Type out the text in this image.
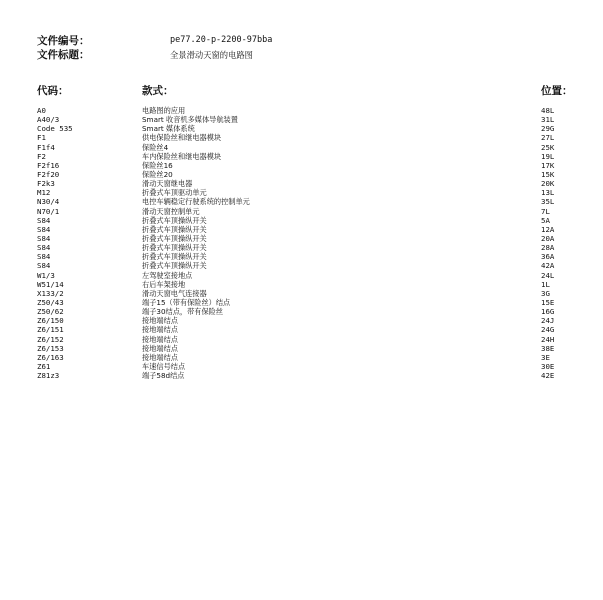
文件编号：	pe77.20-p-2200-97bba
文件标题：	全景滑动天窗的电路图
代码：	款式：	位置：
A0	电路图的应用	48L
A40/3	Smart 收音机多媒体导航装置	31L
Code 535	Smart 媒体系统	29G
F1	供电保险丝和继电器模块	27L
F1f4	保险丝4	25K
F2	车内保险丝和继电器模块	19L
F2f16	保险丝16	17K
F2f20	保险丝20	15K
F2k3	滑动天窗继电器	20K
M12	折叠式车顶驱动单元	13L
N30/4	电控车辆稳定行驶系统的控制单元	35L
N70/1	滑动天窗控制单元	7L
S84	折叠式车顶操纵开关	5A
S84	折叠式车顶操纵开关	12A
S84	折叠式车顶操纵开关	20A
S84	折叠式车顶操纵开关	28A
S84	折叠式车顶操纵开关	36A
S84	折叠式车顶操纵开关	42A
W1/3	左驾驶室接地点	24L
W51/14	右后车架接地	1L
X133/2	滑动天窗电气连接器	3G
Z50/43	端子15（带有保险丝）结点	15E
Z50/62	端子30结点，带有保险丝	16G
Z6/150	接地端结点	24J
Z6/151	接地端结点	24G
Z6/152	接地端结点	24H
Z6/153	接地端结点	38E
Z6/163	接地端结点	3E
Z61	车速信号结点	30E
Z81z3	端子58d结点	42E
